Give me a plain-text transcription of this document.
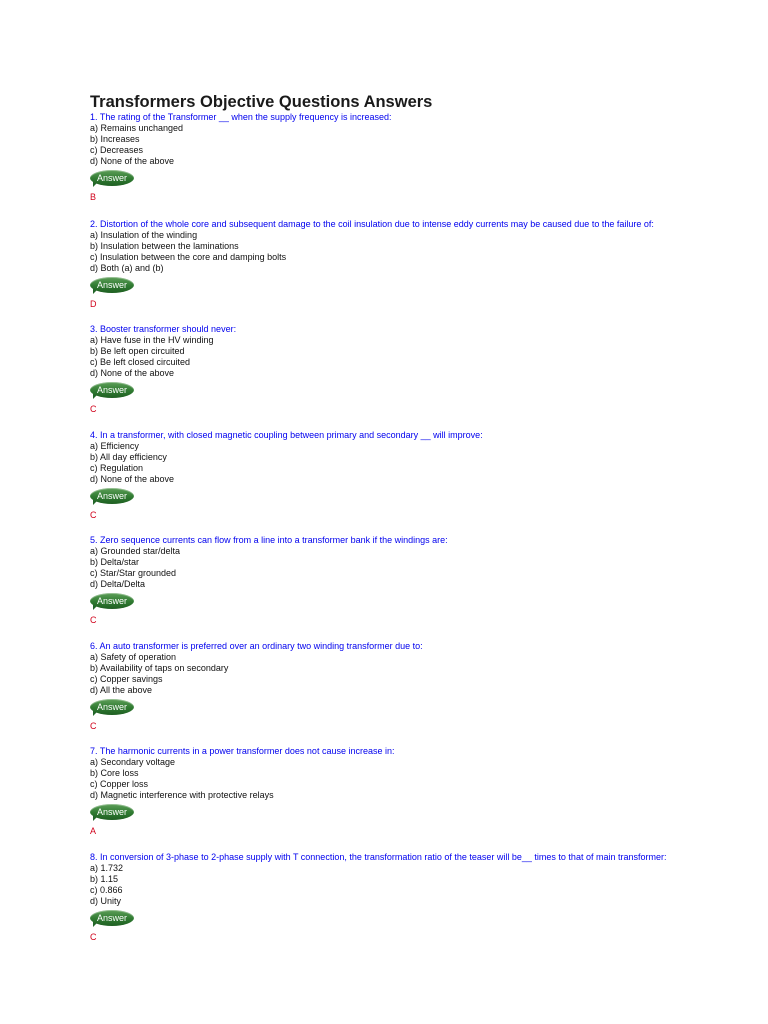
Transformers Objective Questions Answers

1. The rating of the Transformer __ when the supply frequency is increased:

a) Remains unchanged

b) Increases

c) Decreases

d) None of the above

Answer

B

2. Distortion of the whole core and subsequent damage to the coil insulation due to intense eddy currents may be caused due to the failure of:

a) Insulation of the winding

b) Insulation between the laminations

c) Insulation between the core and damping bolts

d) Both (a) and (b)

Answer

D

3. Booster transformer should never:

a) Have fuse in the HV winding

b) Be left open circuited

c) Be left closed circuited

d) None of the above

Answer

C

4. In a transformer, with closed magnetic coupling between primary and secondary __ will improve:

a) Efficiency

b) All day efficiency

c) Regulation

d) None of the above

Answer

C

5. Zero sequence currents can flow from a line into a transformer bank if the windings are:

a) Grounded star/delta

b) Delta/star

c) Star/Star grounded

d) Delta/Delta

Answer

C

6. An auto transformer is preferred over an ordinary two winding transformer due to:

a) Safety of operation

b) Availability of taps on secondary

c) Copper savings

d) All the above

Answer

C

7. The harmonic currents in a power transformer does not cause increase in:

a) Secondary voltage

b) Core loss

c) Copper loss

d) Magnetic interference with protective relays

Answer

A

8. In conversion of 3-phase to 2-phase supply with T connection, the transformation ratio of the teaser will be__ times to that of main transformer:

a) 1.732

b) 1.15

c) 0.866

d) Unity

Answer

C
